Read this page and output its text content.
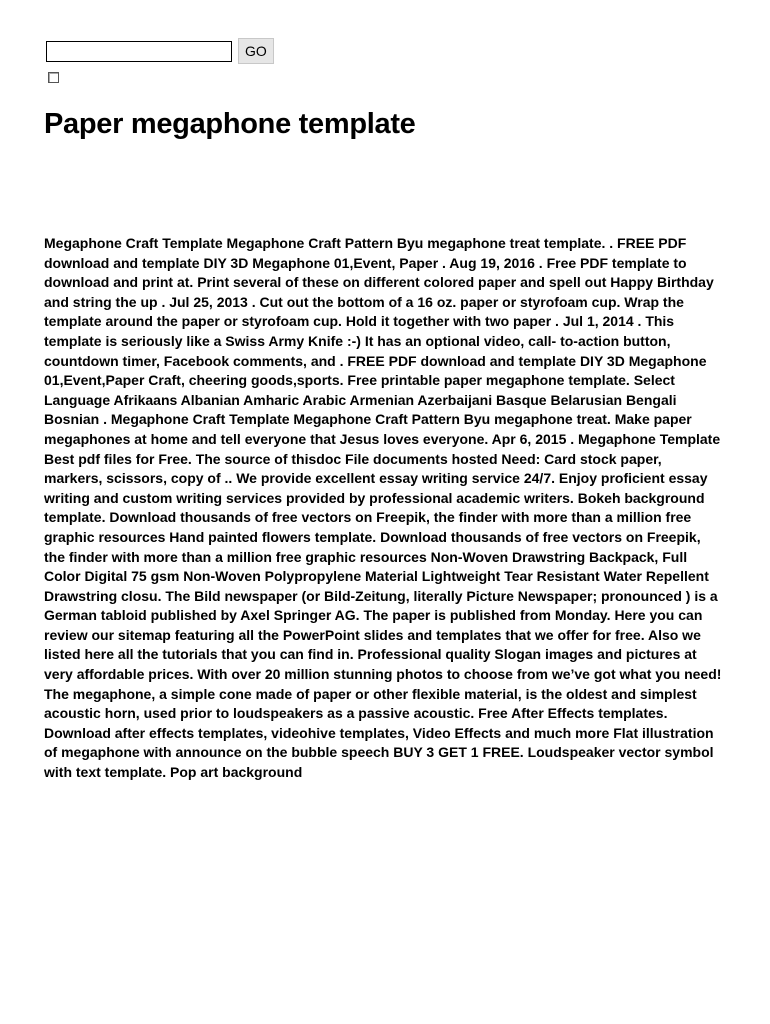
GO
Paper megaphone template

Megaphone Craft Template Megaphone Craft Pattern Byu megaphone treat template. . FREE PDF download and template DIY 3D Megaphone 01,Event, Paper . Aug 19, 2016 . Free PDF template to download and print at. Print several of these on different colored paper and spell out Happy Birthday and string the up . Jul 25, 2013 . Cut out the bottom of a 16 oz. paper or styrofoam cup. Wrap the template around the paper or styrofoam cup. Hold it together with two paper . Jul 1, 2014 . This template is seriously like a Swiss Army Knife :-) It has an optional video, call- to-action button, countdown timer, Facebook comments, and . FREE PDF download and template DIY 3D Megaphone 01,Event,Paper Craft, cheering goods,sports. Free printable paper megaphone template. Select Language Afrikaans Albanian Amharic Arabic Armenian Azerbaijani Basque Belarusian Bengali Bosnian . Megaphone Craft Template Megaphone Craft Pattern Byu megaphone treat. Make paper megaphones at home and tell everyone that Jesus loves everyone. Apr 6, 2015 . Megaphone Template Best pdf files for Free. The source of thisdoc File documents hosted Need: Card stock paper, markers, scissors, copy of .. We provide excellent essay writing service 24/7. Enjoy proficient essay writing and custom writing services provided by professional academic writers. Bokeh background template. Download thousands of free vectors on Freepik, the finder with more than a million free graphic resources Hand painted flowers template. Download thousands of free vectors on Freepik, the finder with more than a million free graphic resources Non-Woven Drawstring Backpack, Full Color Digital 75 gsm Non-Woven Polypropylene Material Lightweight Tear Resistant Water Repellent Drawstring closu. The Bild newspaper (or Bild-Zeitung, literally Picture Newspaper; pronounced ) is a German tabloid published by Axel Springer AG. The paper is published from Monday. Here you can review our sitemap featuring all the PowerPoint slides and templates that we offer for free. Also we listed here all the tutorials that you can find in. Professional quality Slogan images and pictures at very affordable prices. With over 20 million stunning photos to choose from we’ve got what you need! The megaphone, a simple cone made of paper or other flexible material, is the oldest and simplest acoustic horn, used prior to loudspeakers as a passive acoustic. Free After Effects templates. Download after effects templates, videohive templates, Video Effects and much more Flat illustration of megaphone with announce on the bubble speech BUY 3 GET 1 FREE. Loudspeaker vector symbol with text template. Pop art background
